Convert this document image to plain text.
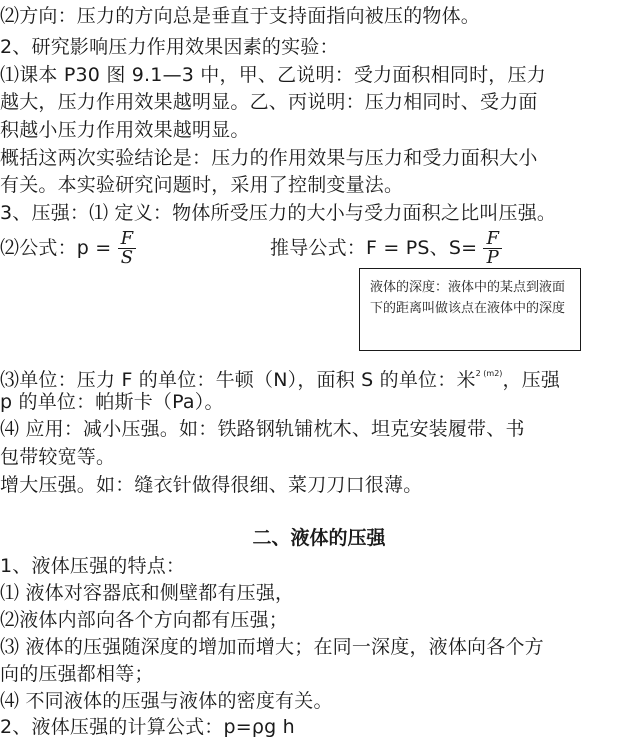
⑵方向：压力的方向总是垂直于支持面指向被压的物体。
2、研究影响压力作用效果因素的实验：
⑴课本 P30 图 9.1—3 中，甲、乙说明：受力面积相同时，压力
越大，压力作用效果越明显。乙、丙说明：压力相同时、受力面
积越小压力作用效果越明显。
概括这两次实验结论是：压力的作用效果与压力和受力面积大小
有关。本实验研究问题时，采用了控制变量法。
3、压强：⑴ 定义：物体所受压力的大小与受力面积之比叫压强。
⑵公式：$p = \frac{F}{S}$	推导公式：F = PS、$S= \frac{F}{P}$
液体的深度：液体中的某点到液面下的距离叫做该点在液体中的深度
⑶单位：压力 F 的单位：牛顿（N），面积 S 的单位：米$^{2 (m2)}$，压强
p 的单位：帕斯卡（Pa）。
⑷ 应用：减小压强。如：铁路钢轨铺枕木、坦克安装履带、书
包带较宽等。
增大压强。如：缝衣针做得很细、菜刀刀口很薄。
二、液体的压强
1、液体压强的特点：
⑴ 液体对容器底和侧壁都有压强，
⑵液体内部向各个方向都有压强；
⑶ 液体的压强随深度的增加而增大；在同一深度，液体向各个方
向的压强都相等；
⑷ 不同液体的压强与液体的密度有关。
2、液体压强的计算公式：p=ρg h
